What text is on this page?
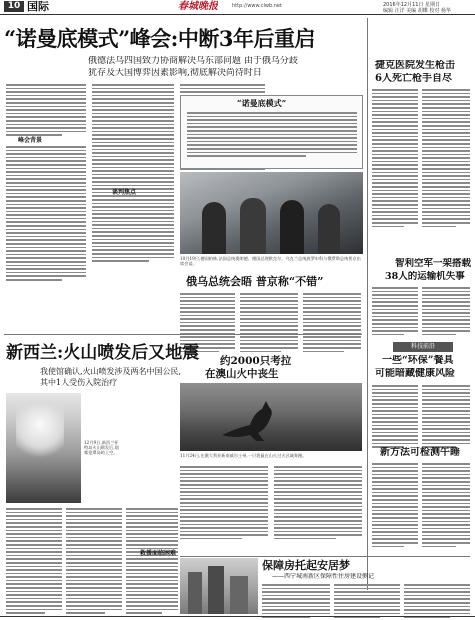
10 国际	春城晚报	http://www.clwb.net	2016年12月11日 星期日
编辑 汪洋 美编 胡蝶 校对 杨华
“诺曼底模式”峰会:中断3年后重启
俄德法乌四国致力协商解决乌东部问题 由于俄乌分歧
犹存及大国博弈因素影响,彻底解决尚待时日
峰会背景
“诺曼底模式”
10月19日,德国柏林,法国总统奥朗德、德国总理默克尔、乌克兰总统波罗申科与俄罗斯总统普京出席会谈。
谈判焦点
俄乌总统会晤 普京称“不错”
捷克医院发生枪击
6人死亡枪手自尽
智利空军一架搭载
38人的运输机失事
科技前沿
一些“环保”餐具
可能暗藏健康风险
新方法可检测午睡
新西兰:火山喷发后又地震
我使馆确认,火山喷发涉及两名中国公民,
其中1人受伤入院治疗
12月9日,新西兰怀特岛火山喷发后,烟雾笼罩岛屿上空。
救援面临困难
约2000只考拉
在澳山火中丧生
11月24日,在澳大利亚新南威尔士州,一只袋鼠在山火过火区域奔跑。
保障房托起安居梦
——西宁城南新区保障性住房建设侧记
